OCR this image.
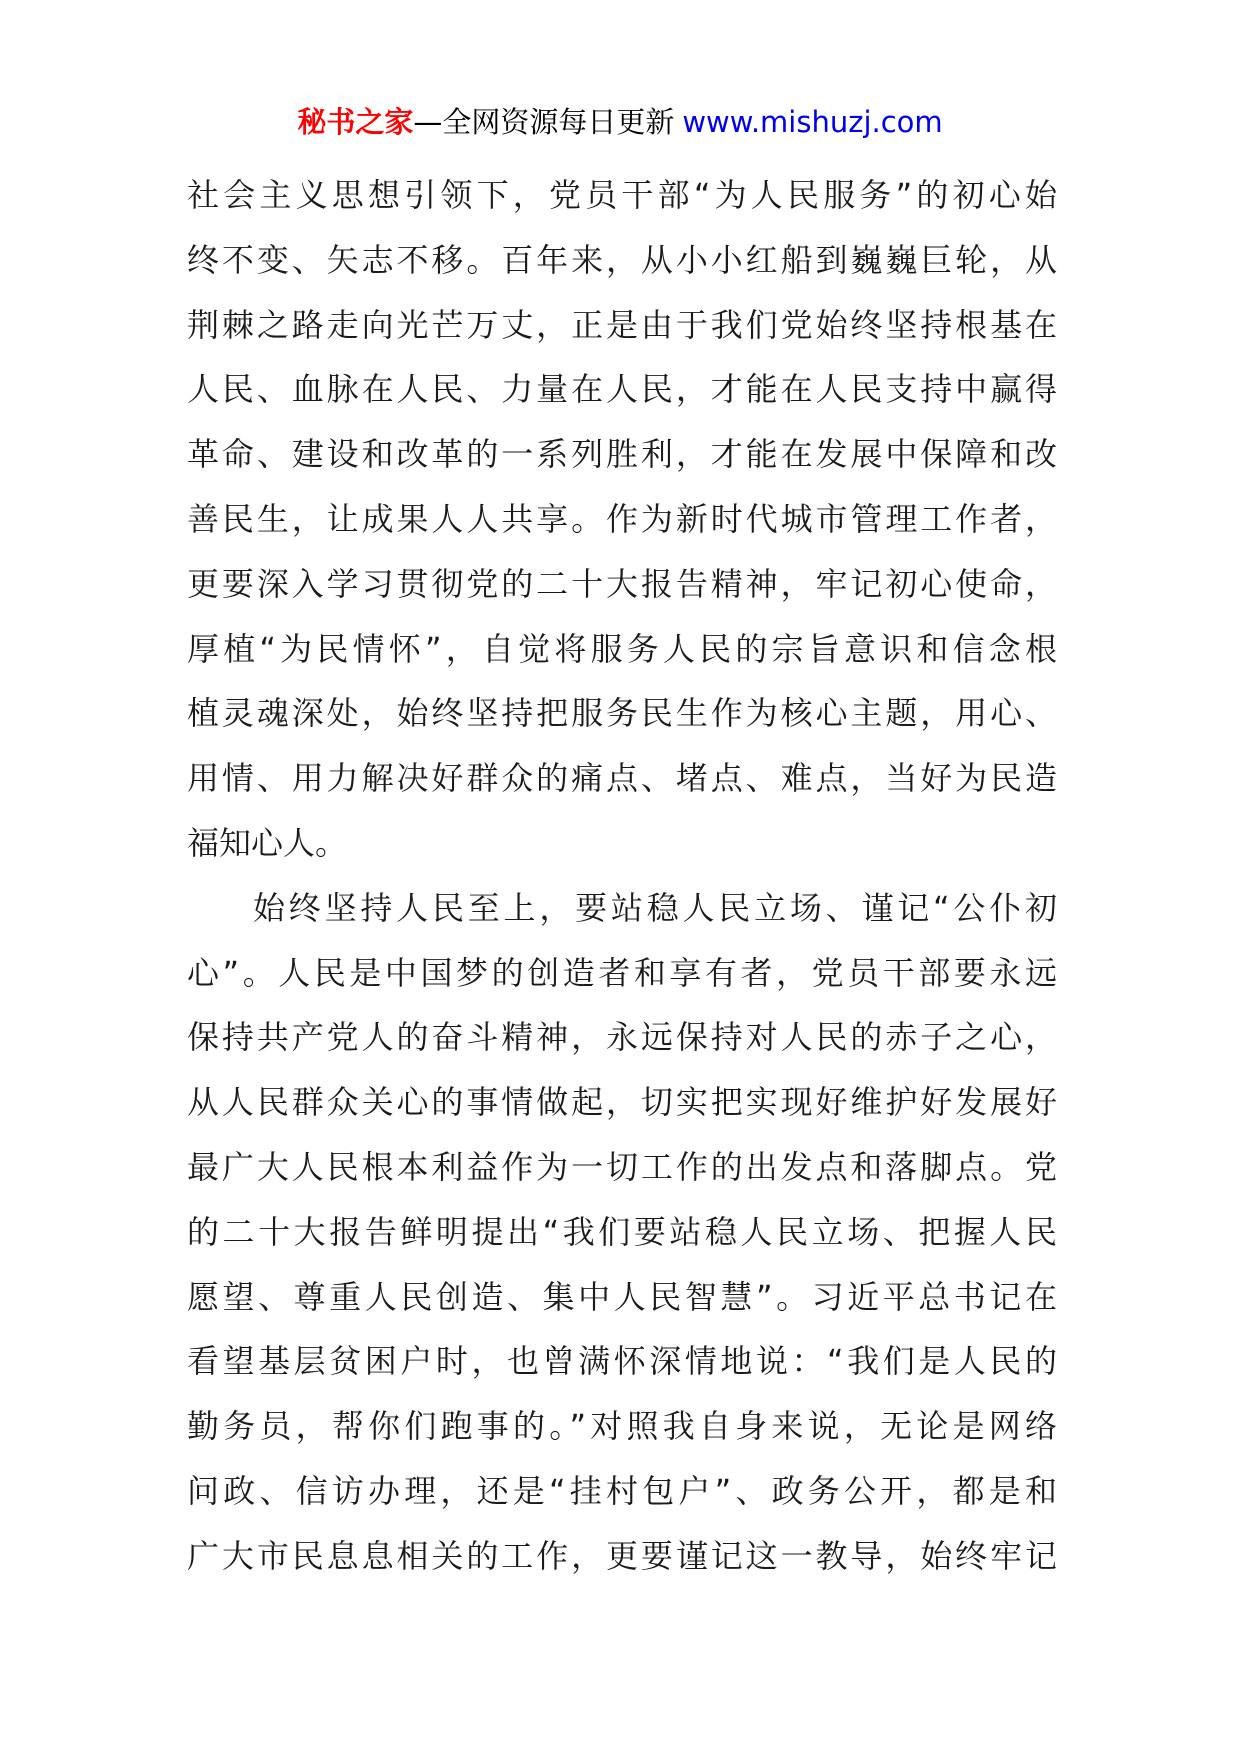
秘书之家—全网资源每日更新 www.mishuzj.com
社会主义思想引领下，党员干部“为人民服务”的初心始
终不变、矢志不移。百年来，从小小红船到巍巍巨轮，从
荆棘之路走向光芒万丈，正是由于我们党始终坚持根基在
人民、血脉在人民、力量在人民，才能在人民支持中赢得
革命、建设和改革的一系列胜利，才能在发展中保障和改
善民生，让成果人人共享。作为新时代城市管理工作者，
更要深入学习贯彻党的二十大报告精神，牢记初心使命，
厚植“为民情怀”，自觉将服务人民的宗旨意识和信念根
植灵魂深处，始终坚持把服务民生作为核心主题，用心、
用情、用力解决好群众的痛点、堵点、难点，当好为民造
福知心人。
始终坚持人民至上，要站稳人民立场、谨记“公仆初
心”。人民是中国梦的创造者和享有者，党员干部要永远
保持共产党人的奋斗精神，永远保持对人民的赤子之心，
从人民群众关心的事情做起，切实把实现好维护好发展好
最广大人民根本利益作为一切工作的出发点和落脚点。党
的二十大报告鲜明提出“我们要站稳人民立场、把握人民
愿望、尊重人民创造、集中人民智慧”。习近平总书记在
看望基层贫困户时，也曾满怀深情地说：“我们是人民的
勤务员，帮你们跑事的。”对照我自身来说，无论是网络
问政、信访办理，还是“挂村包户”、政务公开，都是和
广大市民息息相关的工作，更要谨记这一教导，始终牢记
